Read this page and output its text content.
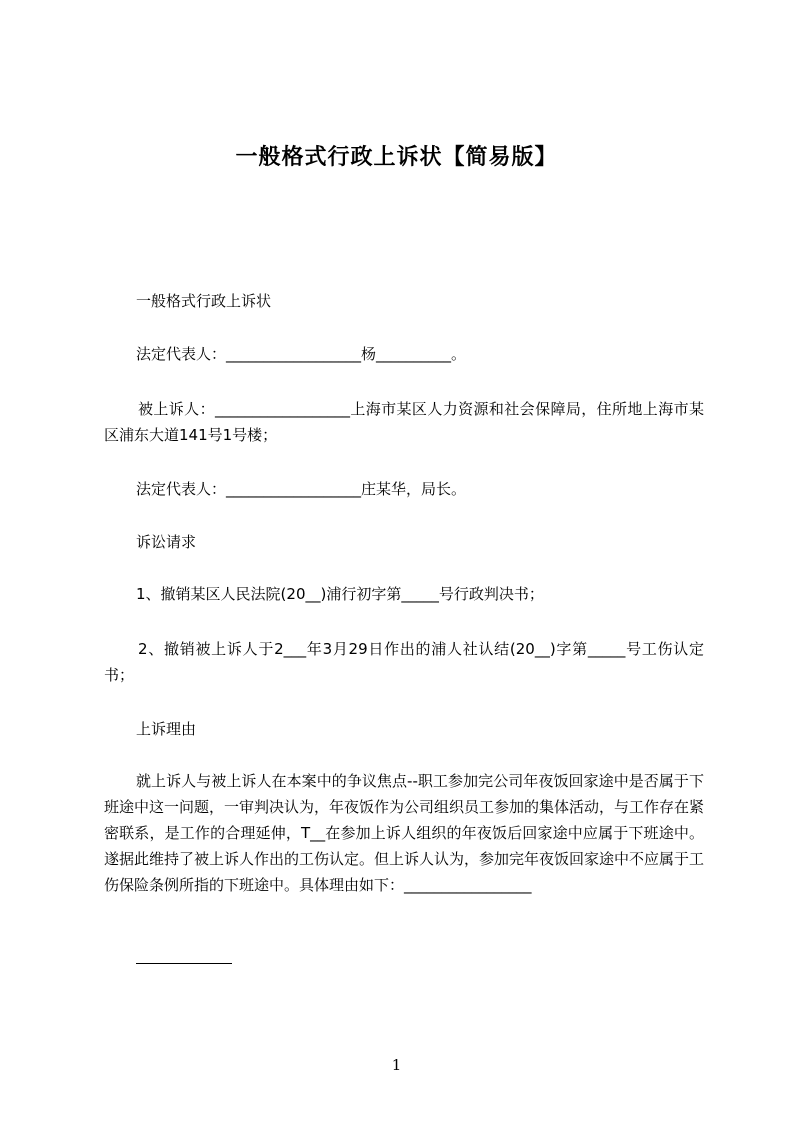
一般格式行政上诉状【简易版】

一般格式行政上诉状

法定代表人：__________________杨__________。

被上诉人：__________________上海市某区人力资源和社会保障局，住所地上海市某区浦东大道141号1号楼；

法定代表人：__________________庄某华，局长。

诉讼请求

1、撤销某区人民法院(20__)浦行初字第_____号行政判决书；

2、撤销被上诉人于2___年3月29日作出的浦人社认结(20__)字第_____号工伤认定书；

上诉理由

就上诉人与被上诉人在本案中的争议焦点--职工参加完公司年夜饭回家途中是否属于下班途中这一问题，一审判决认为，年夜饭作为公司组织员工参加的集体活动，与工作存在紧密联系，是工作的合理延伸，T__在参加上诉人组织的年夜饭后回家途中应属于下班途中。遂据此维持了被上诉人作出的工伤认定。但上诉人认为，参加完年夜饭回家途中不应属于工伤保险条例所指的下班途中。具体理由如下：_________________

1
